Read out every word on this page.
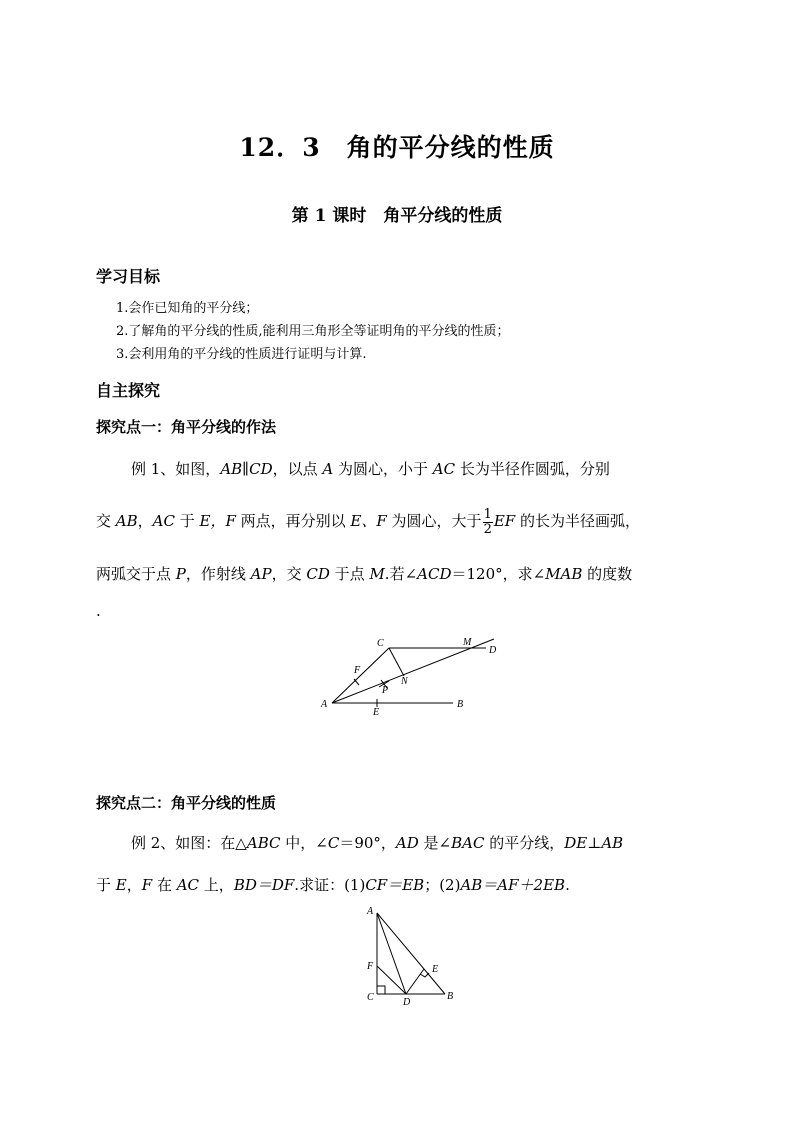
12．3　角的平分线的性质
第 1 课时　角平分线的性质
学习目标
1.会作已知角的平分线；
2.了解角的平分线的性质,能利用三角形全等证明角的平分线的性质；
3.会利用角的平分线的性质进行证明与计算.
自主探究
探究点一：角平分线的作法
例 1、如图，AB∥CD，以点 A 为圆心，小于 AC 长为半径作圆弧，分别
交 AB，AC 于 E，F 两点，再分别以 E、F 为圆心，大于 $\frac{1}{2}$ EF 的长为半径画弧，
两弧交于点 P，作射线 AP，交 CD 于点 M.若∠ACD＝120°，求∠MAB 的度数
.
C	M
D
F
N
P
A
E
B
探究点二：角平分线的性质
例 2、如图：在△ABC 中，∠C＝90°，AD 是∠BAC 的平分线，DE⊥AB
于 E，F 在 AC 上，BD＝DF.求证：(1)CF＝EB；(2)AB＝AF＋2EB.
A
F	E
C	D
B
